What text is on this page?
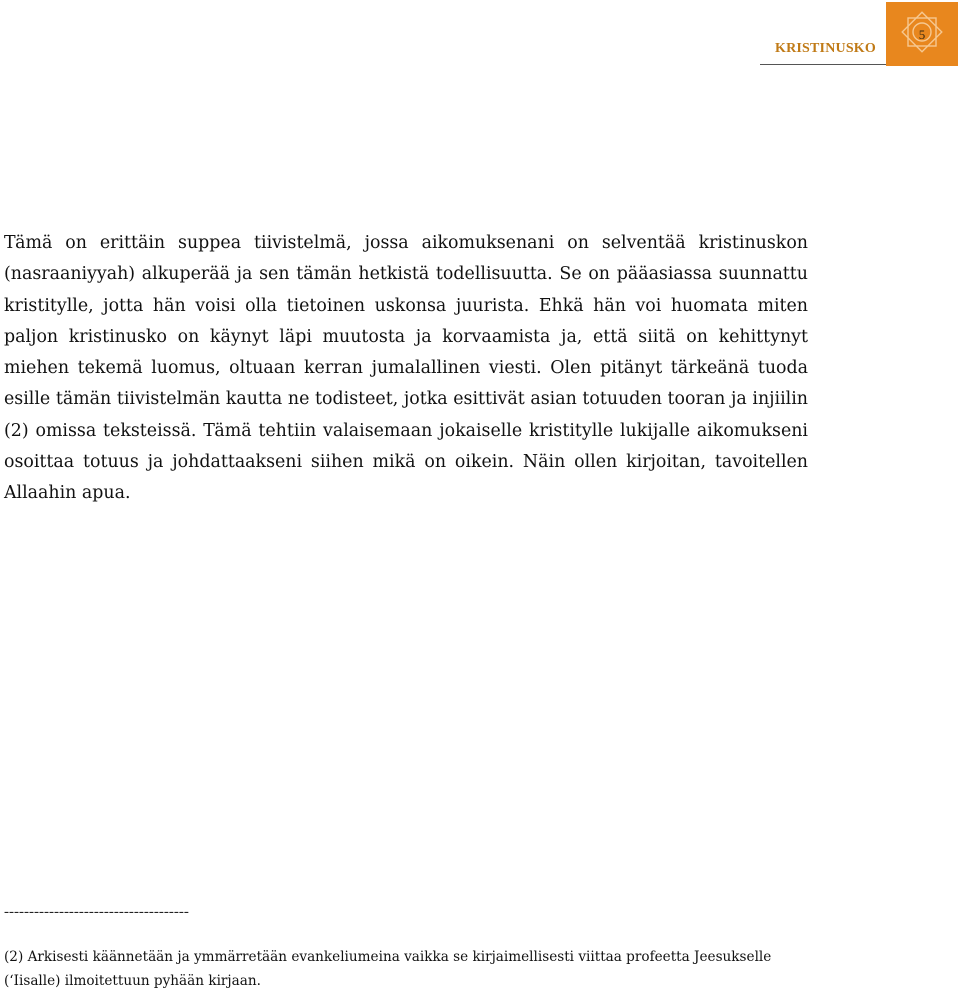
KRISTINUSKO
5

Tämä on erittäin suppea tiivistelmä, jossa aikomuksenani on selventää kristinuskon (nasraaniyyah) alkuperää ja sen tämän hetkistä todellisuutta. Se on pääasiassa suunnattu kristitylle, jotta hän voisi olla tietoinen uskonsa juurista. Ehkä hän voi huomata miten paljon kristinusko on käynyt läpi muutosta ja korvaamista ja, että siitä on kehittynyt miehen tekemä luomus, oltuaan kerran jumalallinen viesti. Olen pitänyt tärkeänä tuoda esille tämän tiivistelmän kautta ne todisteet, jotka esittivät asian totuuden tooran ja injiilin (2) omissa teksteissä. Tämä tehtiin valaisemaan jokaiselle kristitylle lukijalle aikomukseni osoittaa totuus ja johdattaakseni siihen mikä on oikein. Näin ollen kirjoitan, tavoitellen Allaahin apua.

-------------------------------------

(2) Arkisesti käännetään ja ymmärretään evankeliumeina vaikka se kirjaimellisesti viittaa profeetta Jeesukselle (‘Iisalle) ilmoitettuun pyhään kirjaan.
